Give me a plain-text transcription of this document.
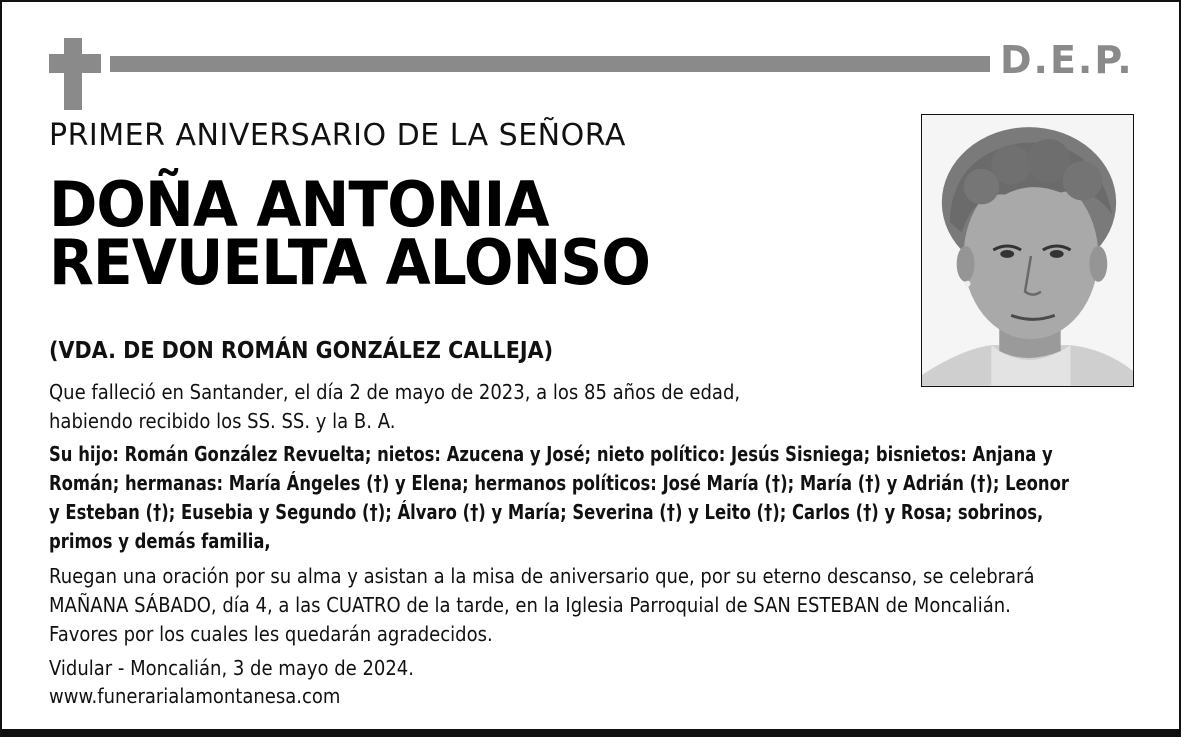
D.E.P.
PRIMER ANIVERSARIO DE LA SEÑORA
DOÑA ANTONIA
REVUELTA ALONSO
(VDA. DE DON ROMÁN GONZÁLEZ CALLEJA)
Que falleció en Santander, el día 2 de mayo de 2023, a los 85 años de edad,
habiendo recibido los SS. SS. y la B. A.
Su hijo: Román González Revuelta; nietos: Azucena y José; nieto político: Jesús Sisniega; bisnietos: Anjana y
Román; hermanas: María Ángeles (†) y Elena; hermanos políticos: José María (†); María (†) y Adrián (†); Leonor
y Esteban (†); Eusebia y Segundo (†); Álvaro (†) y María; Severina (†) y Leito (†); Carlos (†) y Rosa; sobrinos,
primos y demás familia,
Ruegan una oración por su alma y asistan a la misa de aniversario que, por su eterno descanso, se celebrará
MAÑANA SÁBADO, día 4, a las CUATRO de la tarde, en la Iglesia Parroquial de SAN ESTEBAN de Moncalián.
Favores por los cuales les quedarán agradecidos.
Vidular - Moncalián, 3 de mayo de 2024.
www.funerarialamontanesa.com
